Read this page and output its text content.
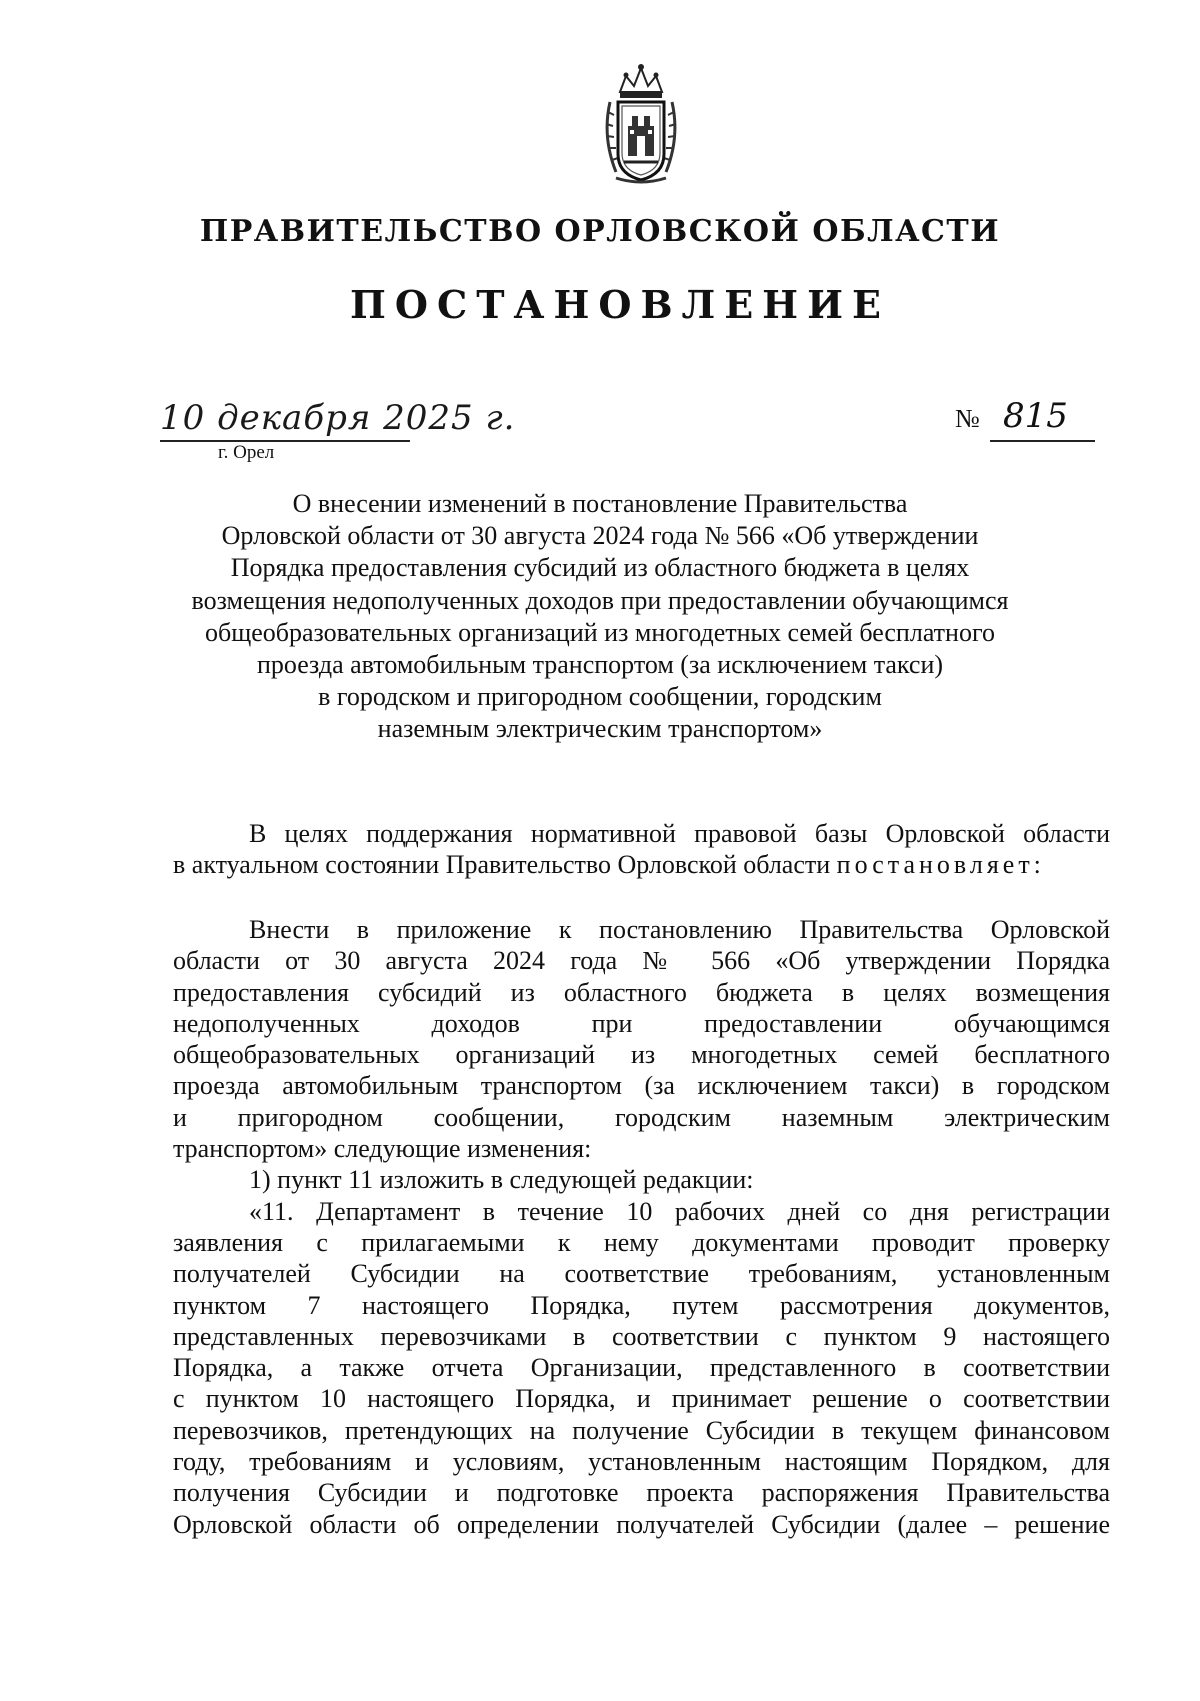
ПРАВИТЕЛЬСТВО ОРЛОВСКОЙ ОБЛАСТИ
ПОСТАНОВЛЕНИЕ
10 декабря 2025 г.
г. Орел
№ 815
О внесении изменений в постановление Правительства
Орловской области от 30 августа 2024 года № 566 «Об утверждении
Порядка предоставления субсидий из областного бюджета в целях
возмещения недополученных доходов при предоставлении обучающимся
общеобразовательных организаций из многодетных семей бесплатного
проезда автомобильным транспортом (за исключением такси)
в городском и пригородном сообщении, городским
наземным электрическим транспортом»
В целях поддержания нормативной правовой базы Орловской области
в актуальном состоянии Правительство Орловской области постановляет:
Внести в приложение к постановлению Правительства Орловской
области от 30 августа 2024 года № 566 «Об утверждении Порядка
предоставления субсидий из областного бюджета в целях возмещения
недополученных доходов при предоставлении обучающимся
общеобразовательных организаций из многодетных семей бесплатного
проезда автомобильным транспортом (за исключением такси) в городском
и пригородном сообщении, городским наземным электрическим
транспортом» следующие изменения:
1) пункт 11 изложить в следующей редакции:
«11. Департамент в течение 10 рабочих дней со дня регистрации
заявления с прилагаемыми к нему документами проводит проверку
получателей Субсидии на соответствие требованиям, установленным
пунктом 7 настоящего Порядка, путем рассмотрения документов,
представленных перевозчиками в соответствии с пунктом 9 настоящего
Порядка, а также отчета Организации, представленного в соответствии
с пунктом 10 настоящего Порядка, и принимает решение о соответствии
перевозчиков, претендующих на получение Субсидии в текущем финансовом
году, требованиям и условиям, установленным настоящим Порядком, для
получения Субсидии и подготовке проекта распоряжения Правительства
Орловской области об определении получателей Субсидии (далее – решение
